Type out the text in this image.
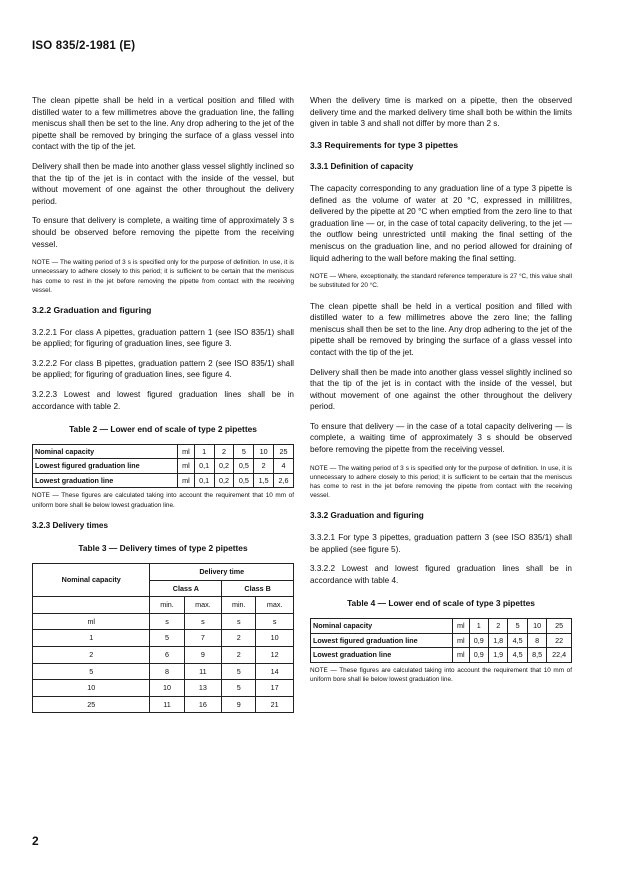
ISO 835/2-1981 (E)

The clean pipette shall be held in a vertical position and filled with distilled water to a few millimetres above the graduation line, the falling meniscus shall then be set to the line. Any drop adhering to the jet of the pipette shall be removed by bringing the surface of a glass vessel into contact with the tip of the jet.

Delivery shall then be made into another glass vessel slightly inclined so that the tip of the jet is in contact with the inside of the vessel, but without movement of one against the other throughout the delivery period.

To ensure that delivery is complete, a waiting time of approximately 3 s should be observed before removing the pipette from the receiving vessel.

NOTE — The waiting period of 3 s is specified only for the purpose of definition. In use, it is unnecessary to adhere closely to this period; it is sufficient to be certain that the meniscus has come to rest in the jet before removing the pipette from contact with the receiving vessel.

3.2.2 Graduation and figuring

3.2.2.1 For class A pipettes, graduation pattern 1 (see ISO 835/1) shall be applied; for figuring of graduation lines, see figure 3.

3.2.2.2 For class B pipettes, graduation pattern 2 (see ISO 835/1) shall be applied; for figuring of graduation lines, see figure 4.

3.2.2.3 Lowest and lowest figured graduation lines shall be in accordance with table 2.

Table 2 — Lower end of scale of type 2 pipettes
Nominal capacity	ml	1	2	5	10	25
Lowest figured graduation line	ml	0,1	0,2	0,5	2	4
Lowest graduation line	ml	0,1	0,2	0,5	1,5	2,6

NOTE — These figures are calculated taking into account the requirement that 10 mm of uniform bore shall lie below lowest graduation line.

3.2.3 Delivery times
Table 3 — Delivery times of type 2 pipettes
Nominal capacity	Delivery time			
	Class A		Class B	
	min.	max.	min.	max.
ml	s	s	s	s
1	5	7	2	10
2	6	9	2	12
5	8	11	5	14
10	10	13	5	17
25	11	16	9	21

When the delivery time is marked on a pipette, then the observed delivery time and the marked delivery time shall both be within the limits given in table 3 and shall not differ by more than 2 s.

3.3 Requirements for type 3 pipettes
3.3.1 Definition of capacity

The capacity corresponding to any graduation line of a type 3 pipette is defined as the volume of water at 20 °C, expressed in millilitres, delivered by the pipette at 20 °C when emptied from the zero line to that graduation line — or, in the case of total capacity delivering, to the jet — the outflow being unrestricted until making the final setting of the meniscus on the graduation line, and no period allowed for draining of liquid adhering to the wall before making the final setting.

NOTE — Where, exceptionally, the standard reference temperature is 27 °C, this value shall be substituted for 20 °C.

The clean pipette shall be held in a vertical position and filled with distilled water to a few millimetres above the zero line; the falling meniscus shall then be set to the line. Any drop adhering to the jet of the pipette shall be removed by bringing the surface of a glass vessel into contact with the tip of the jet.

Delivery shall then be made into another glass vessel slightly inclined so that the tip of the jet is in contact with the inside of the vessel, but without movement of one against the other throughout the delivery period.

To ensure that delivery — in the case of a total capacity delivering — is complete, a waiting time of approximately 3 s should be observed before removing the pipette from the receiving vessel.

NOTE — The waiting period of 3 s is specified only for the purpose of definition. In use, it is unnecessary to adhere closely to this period; it is sufficient to be certain that the meniscus has come to rest in the jet before removing the pipette from contact with the receiving vessel.

3.3.2 Graduation and figuring

3.3.2.1 For type 3 pipettes, graduation pattern 3 (see ISO 835/1) shall be applied (see figure 5).

3.3.2.2 Lowest and lowest figured graduation lines shall be in accordance with table 4.

Table 4 — Lower end of scale of type 3 pipettes
Nominal capacity	ml	1	2	5	10	25
Lowest figured graduation line	ml	0,9	1,8	4,5	8	22
Lowest graduation line	ml	0,9	1,9	4,5	8,5	22,4

NOTE — These figures are calculated taking into account the requirement that 10 mm of uniform bore shall lie below lowest graduation line.

2
